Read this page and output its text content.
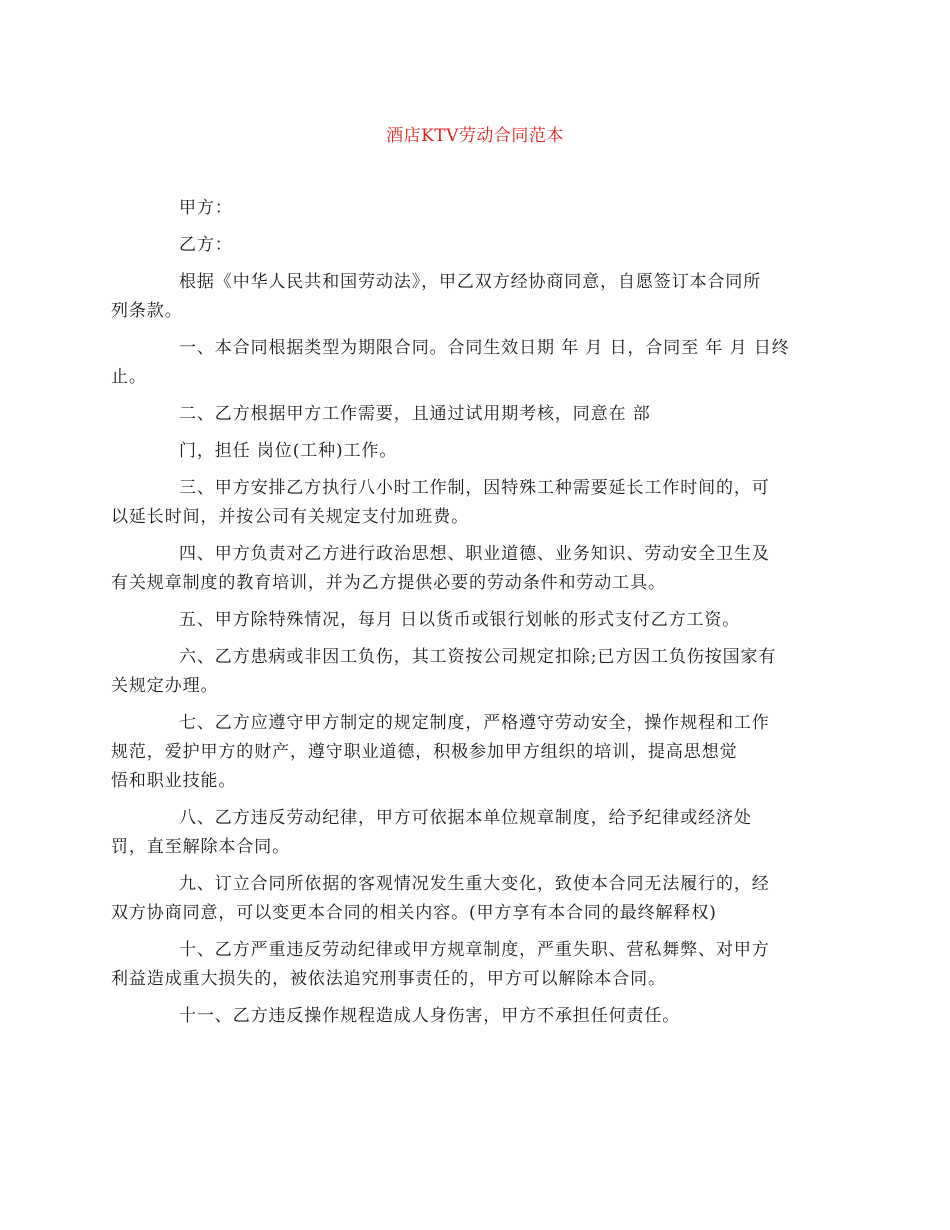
酒店KTV劳动合同范本

甲方：

乙方：

根据《中华人民共和国劳动法》，甲乙双方经协商同意，自愿签订本合同所
列条款。

一、本合同根据类型为期限合同。合同生效日期 年 月 日，合同至 年 月 日终
止。

二、乙方根据甲方工作需要，且通过试用期考核，同意在 部

门，担任 岗位(工种)工作。

三、甲方安排乙方执行八小时工作制，因特殊工种需要延长工作时间的，可
以延长时间，并按公司有关规定支付加班费。

四、甲方负责对乙方进行政治思想、职业道德、业务知识、劳动安全卫生及
有关规章制度的教育培训，并为乙方提供必要的劳动条件和劳动工具。

五、甲方除特殊情况，每月 日以货币或银行划帐的形式支付乙方工资。

六、乙方患病或非因工负伤，其工资按公司规定扣除;已方因工负伤按国家有
关规定办理。

七、乙方应遵守甲方制定的规定制度，严格遵守劳动安全，操作规程和工作
规范，爱护甲方的财产，遵守职业道德，积极参加甲方组织的培训，提高思想觉
悟和职业技能。

八、乙方违反劳动纪律，甲方可依据本单位规章制度，给予纪律或经济处
罚，直至解除本合同。

九、订立合同所依据的客观情况发生重大变化，致使本合同无法履行的，经
双方协商同意，可以变更本合同的相关内容。(甲方享有本合同的最终解释权)

十、乙方严重违反劳动纪律或甲方规章制度，严重失职、营私舞弊、对甲方
利益造成重大损失的，被依法追究刑事责任的，甲方可以解除本合同。

十一、乙方违反操作规程造成人身伤害，甲方不承担任何责任。
